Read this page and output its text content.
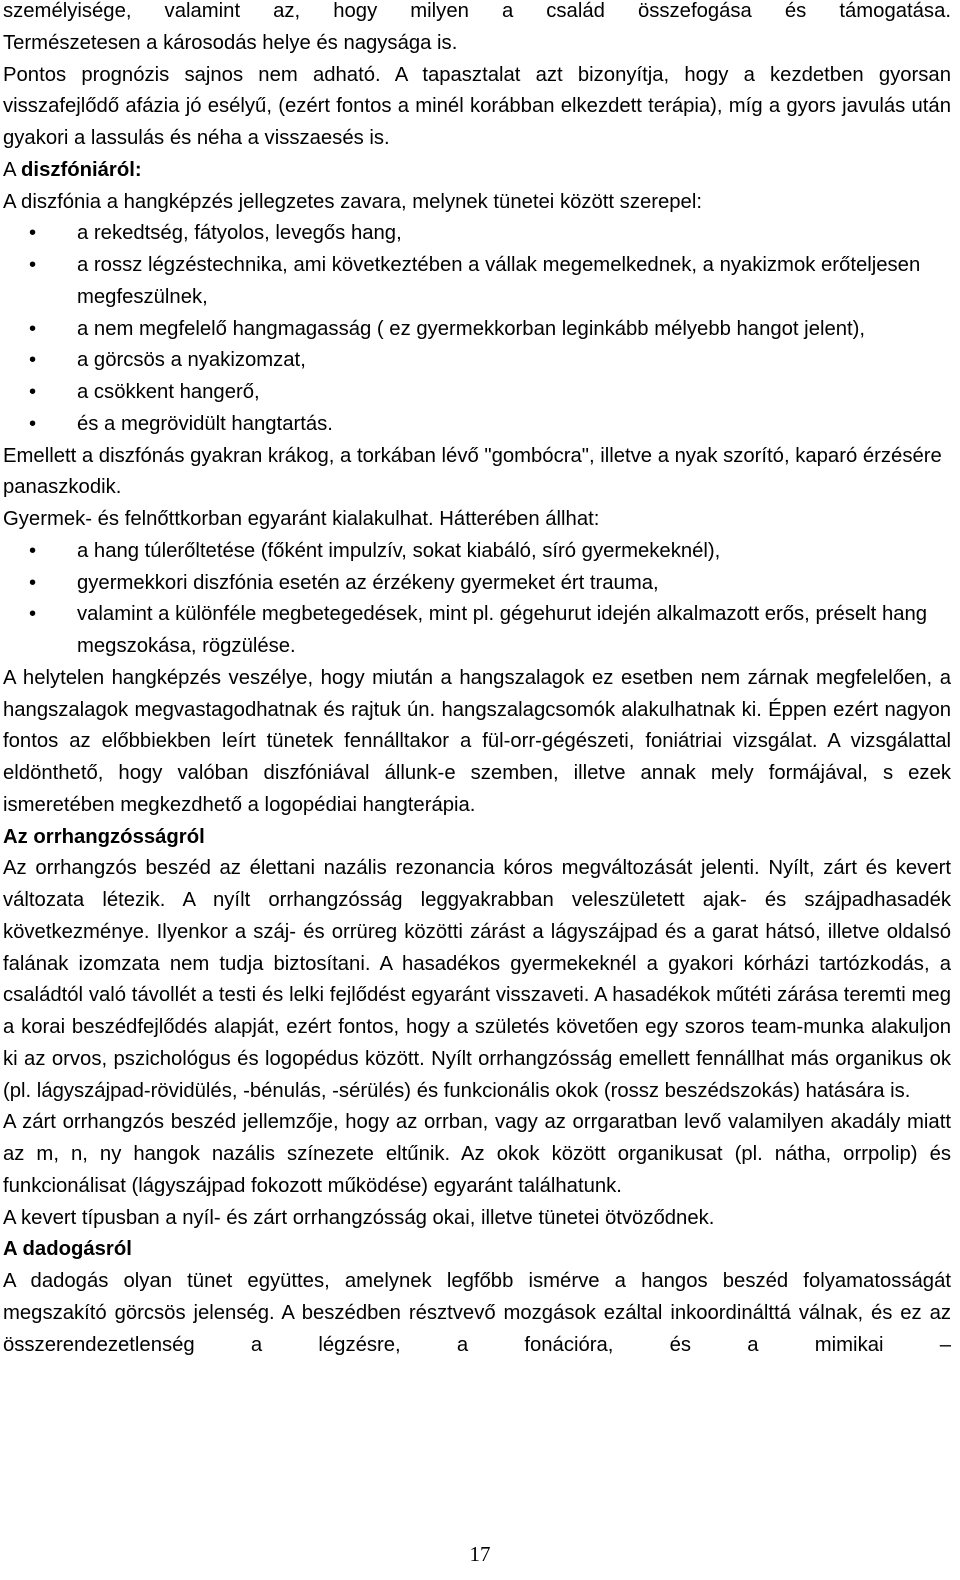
személyisége, valamint az, hogy milyen a család összefogása és támogatása.
Természetesen a károsodás helye és nagysága is.

Pontos prognózis sajnos nem adható. A tapasztalat azt bizonyítja, hogy a kezdetben gyorsan visszafejlődő afázia jó esélyű, (ezért fontos a minél korábban elkezdett terápia), míg a gyors javulás után gyakori a lassulás és néha a visszaesés is.

A diszfóniáról:

A diszfónia a hangképzés jellegzetes zavara, melynek tünetei között szerepel:

• a rekedtség, fátyolos, levegős hang,
• a rossz légzéstechnika, ami következtében a vállak megemelkednek, a nyakizmok erőteljesen megfeszülnek,
• a nem megfelelő hangmagasság ( ez gyermekkorban leginkább mélyebb hangot jelent),
• a görcsös a nyakizomzat,
• a csökkent hangerő,
• és a megrövidült hangtartás.

Emellett a diszfónás gyakran krákog, a torkában lévő "gombócra", illetve a nyak szorító, kaparó érzésére panaszkodik.

Gyermek- és felnőttkorban egyaránt kialakulhat. Hátterében állhat:

• a hang túlerőltetése (főként impulzív, sokat kiabáló, síró gyermekeknél),
• gyermekkori diszfónia esetén az érzékeny gyermeket ért trauma,
• valamint a különféle megbetegedések, mint pl. gégehurut idején alkalmazott erős, préselt hang megszokása, rögzülése.

A helytelen hangképzés veszélye, hogy miután a hangszalagok ez esetben nem zárnak megfelelően, a hangszalagok megvastagodhatnak és rajtuk ún. hangszalagcsomók alakulhatnak ki. Éppen ezért nagyon fontos az előbbiekben leírt tünetek fennálltakor a fül-orr-gégészeti, foniátriai vizsgálat. A vizsgálattal eldönthető, hogy valóban diszfóniával állunk-e szemben, illetve annak mely formájával, s ezek ismeretében megkezdhető a logopédiai hangterápia.

Az orrhangzósságról

Az orrhangzós beszéd az élettani nazális rezonancia kóros megváltozását jelenti. Nyílt, zárt és kevert változata létezik. A nyílt orrhangzósság leggyakrabban veleszületett ajak- és szájpadhasadék következménye. Ilyenkor a száj- és orrüreg közötti zárást a lágyszájpad és a garat hátsó, illetve oldalsó falának izomzata nem tudja biztosítani. A hasadékos gyermekeknél a gyakori kórházi tartózkodás, a családtól való távollét a testi és lelki fejlődést egyaránt visszaveti. A hasadékok műtéti zárása teremti meg a korai beszédfejlődés alapját, ezért fontos, hogy a születés követően egy szoros team-munka alakuljon ki az orvos, pszichológus és logopédus között. Nyílt orrhangzósság emellett fennállhat más organikus ok (pl. lágyszájpad-rövidülés, -bénulás, -sérülés) és funkcionális okok (rossz beszédszokás) hatására is.

A zárt orrhangzós beszéd jellemzője, hogy az orrban, vagy az orrgaratban levő valamilyen akadály miatt az m, n, ny hangok nazális színezete eltűnik. Az okok között organikusat (pl. nátha, orrpolip) és funkcionálisat (lágyszájpad fokozott működése) egyaránt találhatunk.

A kevert típusban a nyíl- és zárt orrhangzósság okai, illetve tünetei ötvöződnek.

A dadogásról

A dadogás olyan tünet együttes, amelynek legfőbb ismérve a hangos beszéd folyamatosságát megszakító görcsös jelenség. A beszédben résztvevő mozgások ezáltal inkoordinálttá válnak, és ez az összerendezetlenség a légzésre, a fonációra, és a mimikai –

17
